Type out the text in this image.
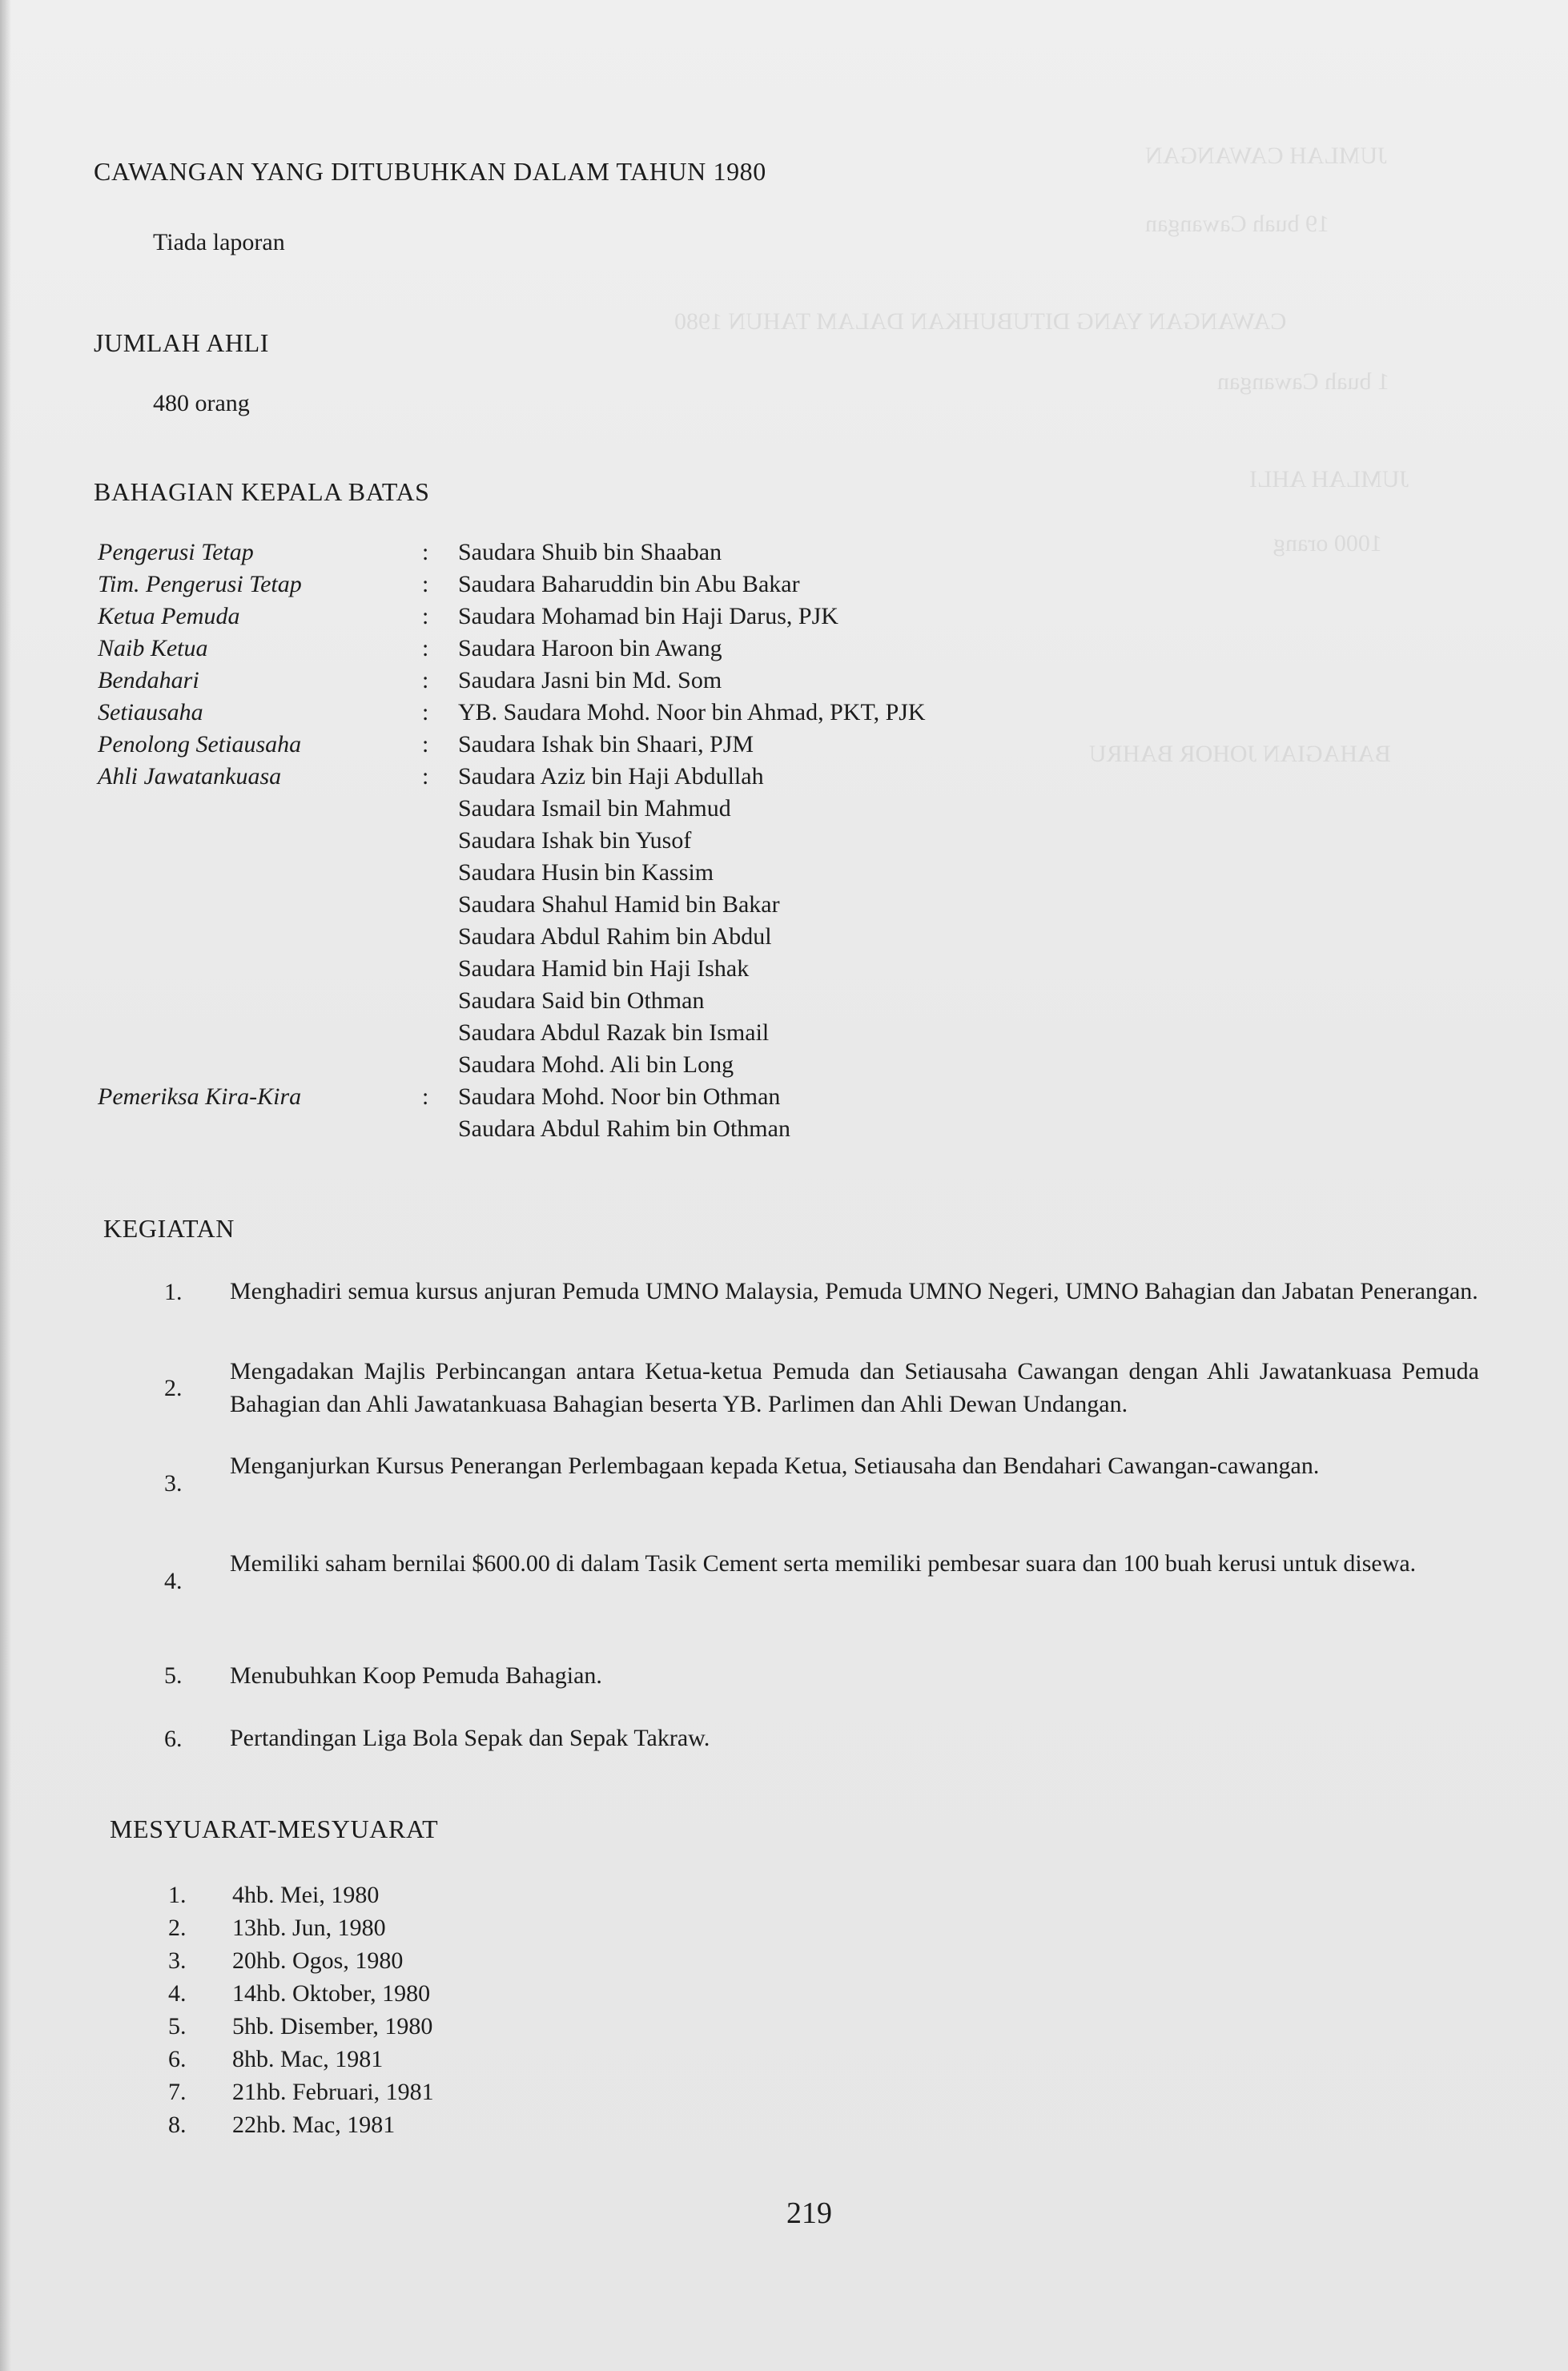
JUMLAH CAWANGAN
19 buah Cawangan
CAWANGAN YANG DITUBUHKAN DALAM TAHUN 1980
1 buah Cawangan
JUMLAH AHLI
1000 orang
BAHAGIAN JOHOR BAHRU
CAWANGAN YANG DITUBUHKAN DALAM TAHUN 1980
Tiada laporan
JUMLAH AHLI
480 orang
BAHAGIAN KEPALA BATAS
Pengerusi Tetap	: Saudara Shuib bin Shaaban
Tim. Pengerusi Tetap	: Saudara Baharuddin bin Abu Bakar
Ketua Pemuda	: Saudara Mohamad bin Haji Darus, PJK
Naib Ketua	: Saudara Haroon bin Awang
Bendahari	: Saudara Jasni bin Md. Som
Setiausaha	: YB. Saudara Mohd. Noor bin Ahmad, PKT, PJK
Penolong Setiausaha	: Saudara Ishak bin Shaari, PJM
Ahli Jawatankuasa	: Saudara Aziz bin Haji Abdullah
Saudara Ismail bin Mahmud
Saudara Ishak bin Yusof
Saudara Husin bin Kassim
Saudara Shahul Hamid bin Bakar
Saudara Abdul Rahim bin Abdul
Saudara Hamid bin Haji Ishak
Saudara Said bin Othman
Saudara Abdul Razak bin Ismail
Saudara Mohd. Ali bin Long
Pemeriksa Kira-Kira	: Saudara Mohd. Noor bin Othman
Saudara Abdul Rahim bin Othman
KEGIATAN
1. Menghadiri semua kursus anjuran Pemuda UMNO Malaysia, Pemuda UMNO Negeri, UMNO Bahagian dan Jabatan Penerangan.
2.
Mengadakan Majlis Perbincangan antara Ketua-ketua Pemuda dan Setiausaha Cawangan dengan Ahli Jawatankuasa Pemuda Bahagian dan Ahli Jawatankuasa Bahagian beserta YB. Parlimen dan Ahli Dewan Undangan.
3.
Menganjurkan Kursus Penerangan Perlembagaan kepada Ketua, Setiausaha dan Bendahari Cawangan-cawangan.
4.
Memiliki saham bernilai $600.00 di dalam Tasik Cement serta memiliki pembesar suara dan 100 buah kerusi untuk disewa.
5. Menubuhkan Koop Pemuda Bahagian.
6. Pertandingan Liga Bola Sepak dan Sepak Takraw.
MESYUARAT-MESYUARAT
1. 4hb. Mei, 1980
2. 13hb. Jun, 1980
3. 20hb. Ogos, 1980
4. 14hb. Oktober, 1980
5. 5hb. Disember, 1980
6. 8hb. Mac, 1981
7. 21hb. Februari, 1981
8. 22hb. Mac, 1981
219
